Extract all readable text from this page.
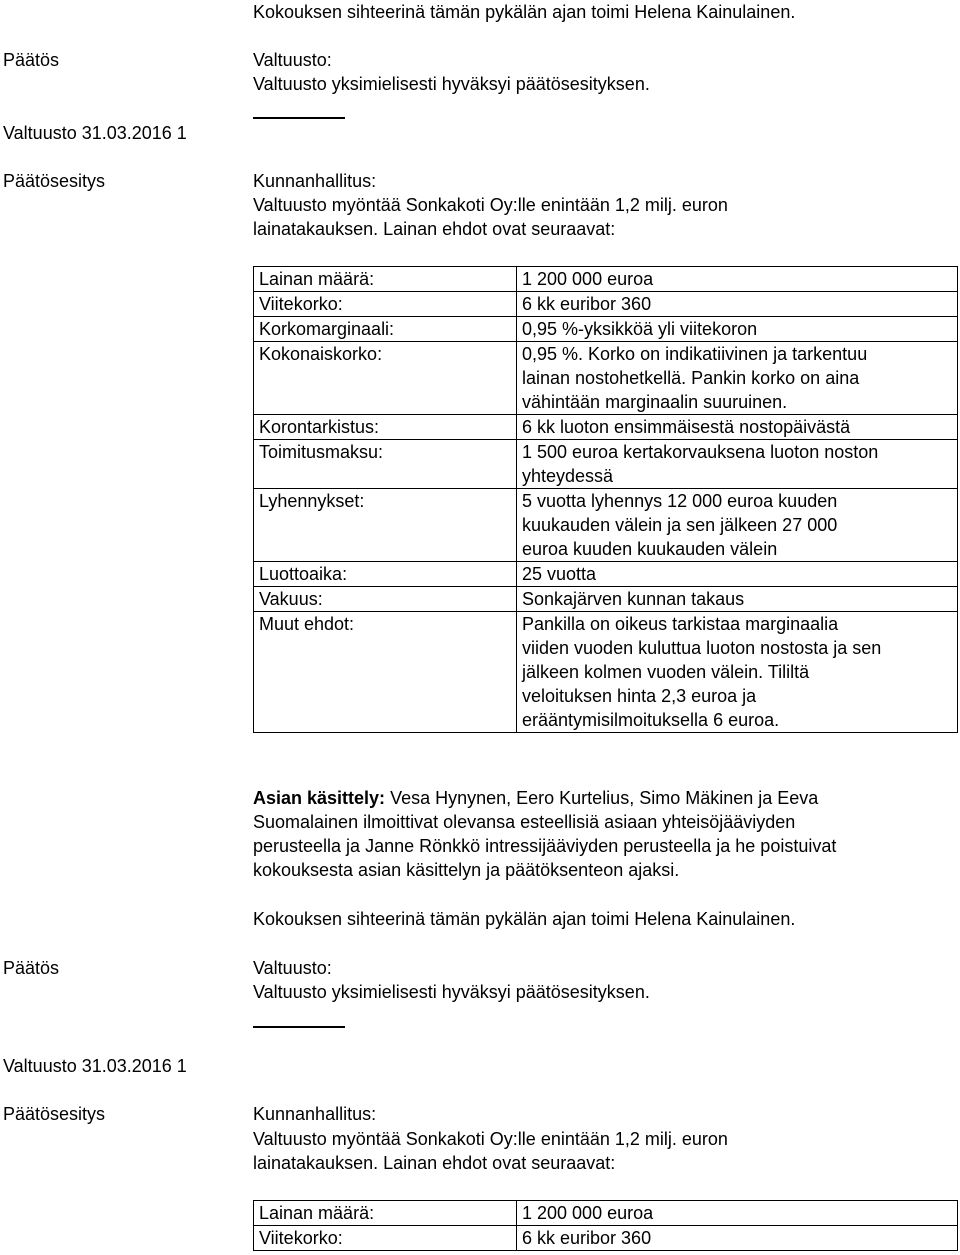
Kokouksen sihteerinä tämän pykälän ajan toimi Helena Kainulainen.
Päätös	Valtuusto:
Valtuusto yksimielisesti hyväksyi päätösesityksen.
Valtuusto 31.03.2016 1
Päätösesitys	Kunnanhallitus:
Valtuusto myöntää Sonkakoti Oy:lle enintään 1,2 milj. euron
lainatakauksen. Lainan ehdot ovat seuraavat:
Lainan määrä:	1 200 000 euroa
Viitekorko:	6 kk euribor 360
Korkomarginaali:	0,95 %-yksikköä yli viitekoron
Kokonaiskorko:	0,95 %. Korko on indikatiivinen ja tarkentuu
lainan nostohetkellä. Pankin korko on aina
vähintään marginaalin suuruinen.

Korontarkistus:	6 kk luoton ensimmäisestä nostopäivästä
Toimitusmaksu:	1 500 euroa kertakorvauksena luoton noston
yhteydessä

Lyhennykset:	5 vuotta lyhennys 12 000 euroa kuuden
kuukauden välein ja sen jälkeen 27 000
euroa kuuden kuukauden välein

Luottoaika:	25 vuotta
Vakuus:	Sonkajärven kunnan takaus
Muut ehdot:	Pankilla on oikeus tarkistaa marginaalia
viiden vuoden kuluttua luoton nostosta ja sen
jälkeen kolmen vuoden välein. Tililtä
veloituksen hinta 2,3 euroa ja
erääntymisilmoituksella 6 euroa.
Asian käsittely: Vesa Hynynen, Eero Kurtelius, Simo Mäkinen ja Eeva
Suomalainen ilmoittivat olevansa esteellisiä asiaan yhteisöjääviyden
perusteella ja Janne Rönkkö intressijääviyden perusteella ja he poistuivat
kokouksesta asian käsittelyn ja päätöksenteon ajaksi.
Kokouksen sihteerinä tämän pykälän ajan toimi Helena Kainulainen.
Päätös	Valtuusto:
Valtuusto yksimielisesti hyväksyi päätösesityksen.
Valtuusto 31.03.2016 1
Päätösesitys	Kunnanhallitus:
Valtuusto myöntää Sonkakoti Oy:lle enintään 1,2 milj. euron
lainatakauksen. Lainan ehdot ovat seuraavat:
Lainan määrä:	1 200 000 euroa
Viitekorko:	6 kk euribor 360
